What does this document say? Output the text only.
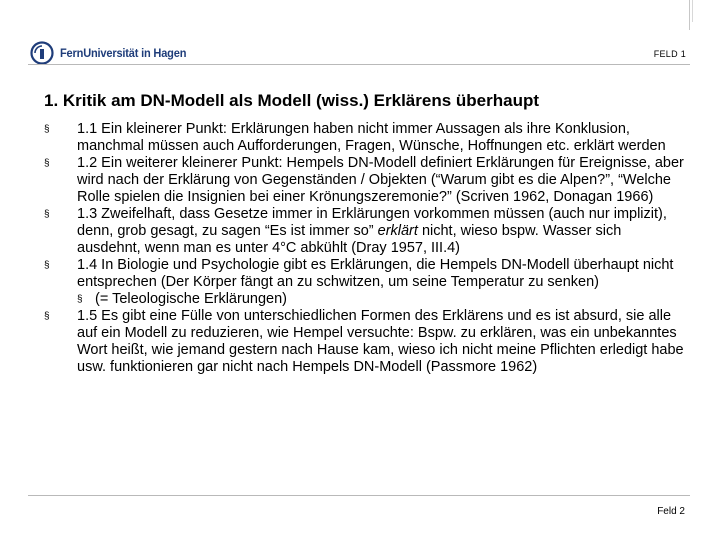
FernUniversität in Hagen	FELD 1
1. Kritik am DN-Modell als Modell (wiss.) Erklärens überhaupt
§ 1.1 Ein kleinerer Punkt: Erklärungen haben nicht immer Aussagen als ihre Konklusion, manchmal müssen auch Aufforderungen, Fragen, Wünsche, Hoffnungen etc. erklärt werden
§ 1.2 Ein weiterer kleinerer Punkt: Hempels DN-Modell definiert Erklärungen für Ereignisse, aber wird nach der Erklärung von Gegenständen / Objekten (“Warum gibt es die Alpen?”, “Welche Rolle spielen die Insignien bei einer Krönungszeremonie?” (Scriven 1962, Donagan 1966)
§ 1.3 Zweifelhaft, dass Gesetze immer in Erklärungen vorkommen müssen (auch nur implizit), denn, grob gesagt, zu sagen “Es ist immer so” erklärt nicht, wieso bspw. Wasser sich ausdehnt, wenn man es unter 4°C abkühlt (Dray 1957, III.4)
§ 1.4 In Biologie und Psychologie gibt es Erklärungen, die Hempels DN-Modell überhaupt nicht entsprechen (Der Körper fängt an zu schwitzen, um seine Temperatur zu senken)
§ (= Teleologische Erklärungen)
§ 1.5 Es gibt eine Fülle von unterschiedlichen Formen des Erklärens und es ist absurd, sie alle auf ein Modell zu reduzieren, wie Hempel versuchte: Bspw. zu erklären, was ein unbekanntes Wort heißt, wie jemand gestern nach Hause kam, wieso ich nicht meine Pflichten erledigt habe usw. funktionieren gar nicht nach Hempels DN-Modell (Passmore 1962)
Feld 2
